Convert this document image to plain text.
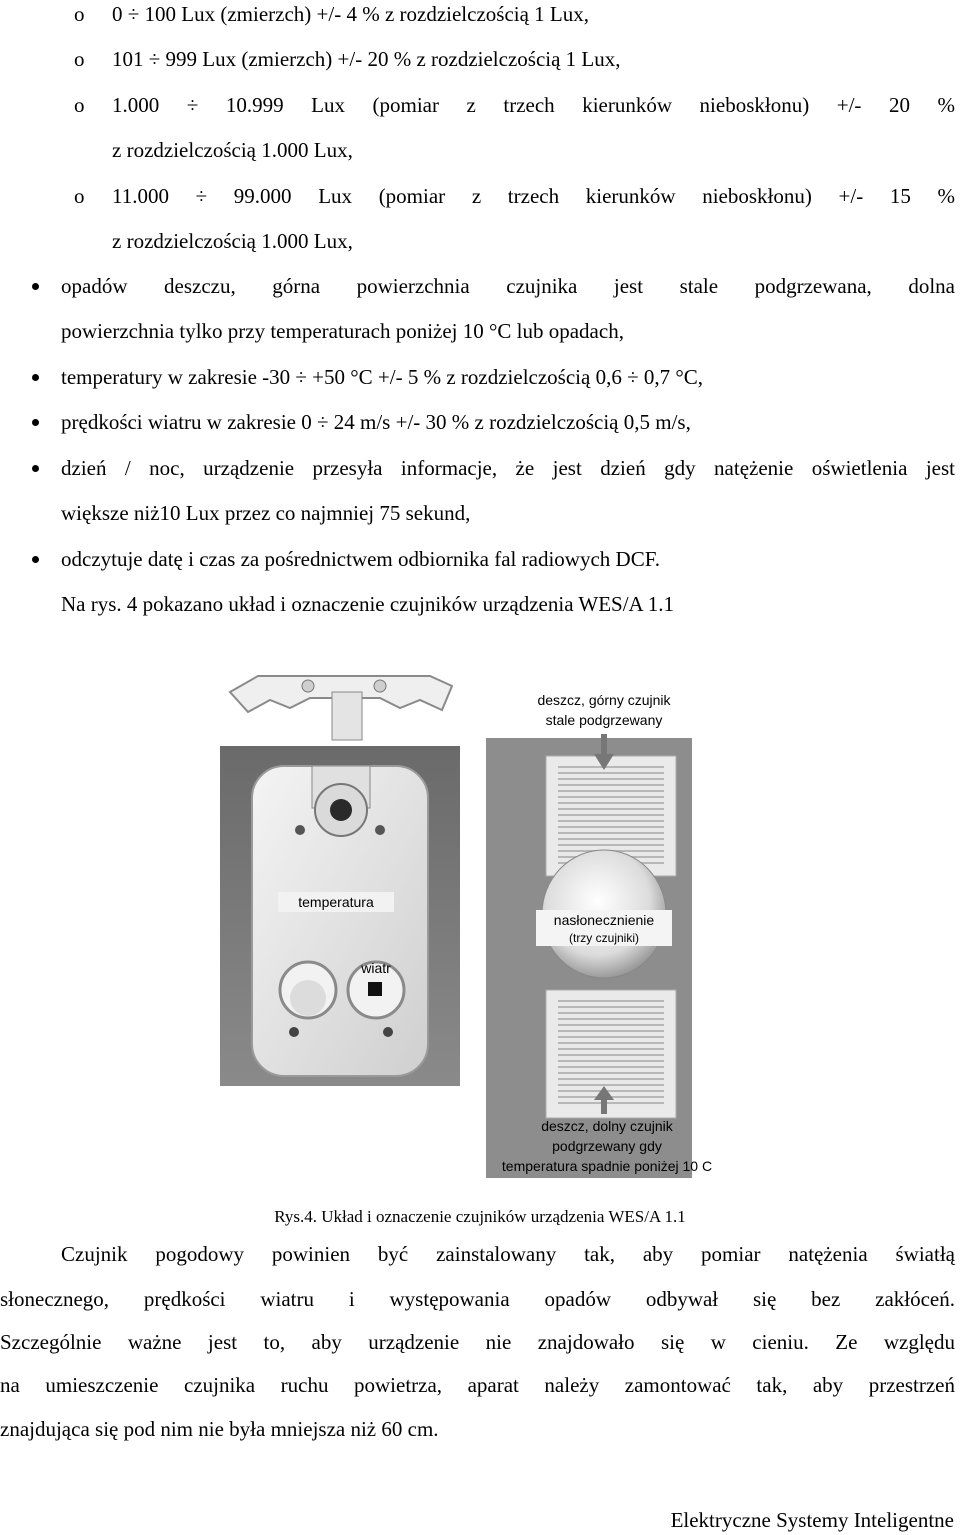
o 0 ÷ 100 Lux (zmierzch) +/- 4 % z rozdzielczością 1 Lux,
o 101 ÷ 999 Lux (zmierzch) +/- 20 % z rozdzielczością 1 Lux,
o 1.000 ÷ 10.999 Lux (pomiar z trzech kierunków nieboskłonu) +/- 20 %
z rozdzielczością 1.000 Lux,
o 11.000 ÷ 99.000 Lux (pomiar z trzech kierunków nieboskłonu) +/- 15 %
z rozdzielczością 1.000 Lux,
opadów deszczu, górna powierzchnia czujnika jest stale podgrzewana, dolna
powierzchnia tylko przy temperaturach poniżej 10 °C lub opadach,
temperatury w zakresie -30 ÷ +50 °C +/- 5 % z rozdzielczością 0,6 ÷ 0,7 °C,
prędkości wiatru w zakresie 0 ÷ 24 m/s +/- 30 % z rozdzielczością 0,5 m/s,
dzień / noc, urządzenie przesyła informacje, że jest dzień gdy natężenie oświetlenia jest
większe niż10 Lux przez co najmniej 75 sekund,
odczytuje datę i czas za pośrednictwem odbiornika fal radiowych DCF.
Na rys. 4 pokazano układ i oznaczenie czujników urządzenia WES/A 1.1
temperatura
wiatr
deszcz, górny czujnik
stale podgrzewany
nasłonecznienie
(trzy czujniki)
deszcz, dolny czujnik
podgrzewany gdy
temperatura spadnie poniżej 10 C
Rys.4. Układ i oznaczenie czujników urządzenia WES/A 1.1
Czujnik pogodowy powinien być zainstalowany tak, aby pomiar natężenia światłą
słonecznego, prędkości wiatru i występowania opadów odbywał się bez zakłóceń.
Szczególnie ważne jest to, aby urządzenie nie znajdowało się w cieniu. Ze względu
na umieszczenie czujnika ruchu powietrza, aparat należy zamontować tak, aby przestrzeń
znajdująca się pod nim nie była mniejsza niż 60 cm.
Elektryczne Systemy Inteligentne
